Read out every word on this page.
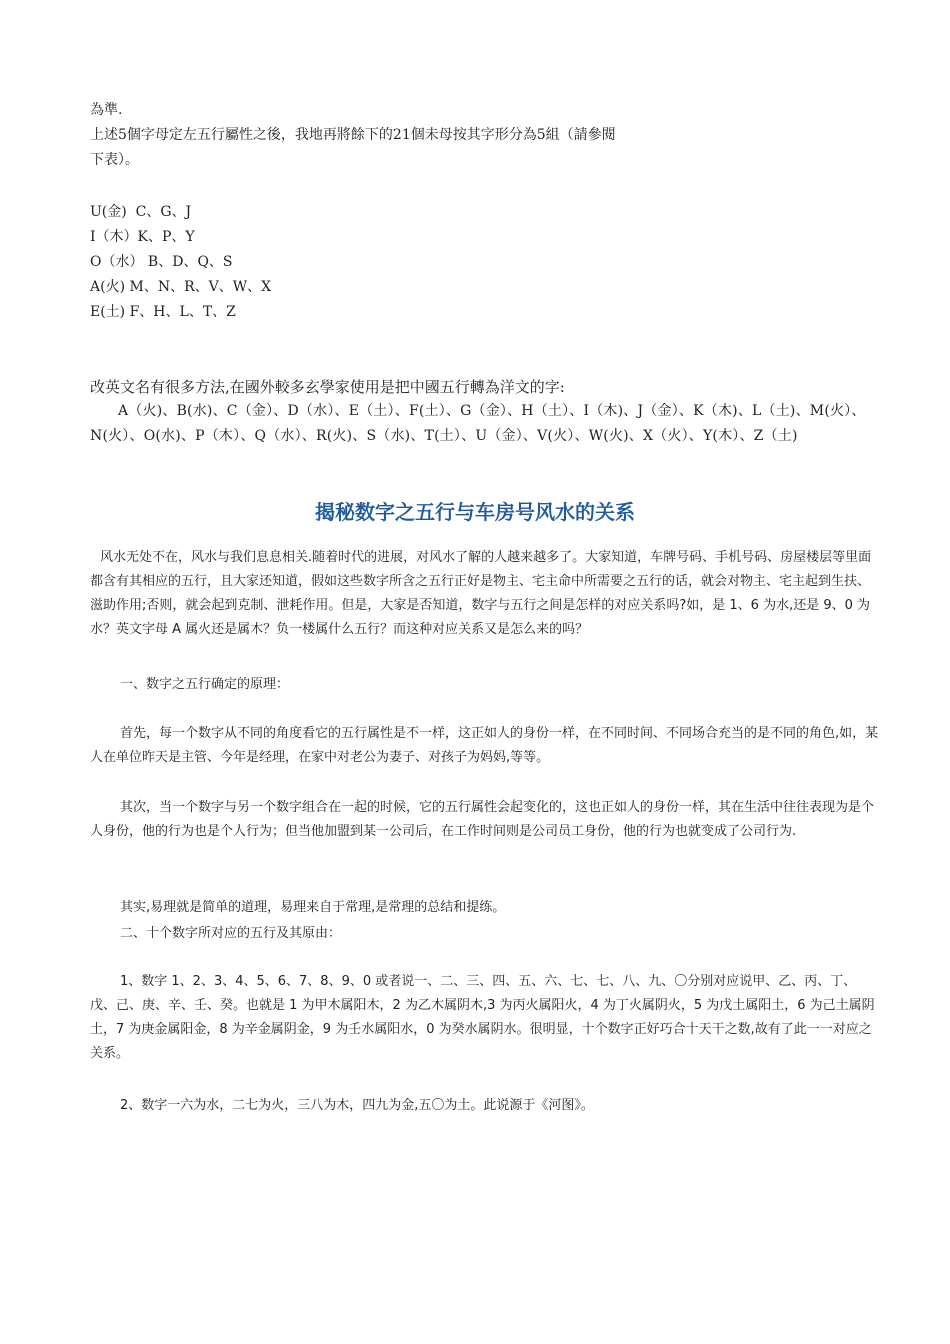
為準.

上述5個字母定左五行屬性之後，我地再將餘下的21個未母按其字形分為5組（請參閱

下表）。

U(金)  C、G、J
I（木）K、P、Y
O（水） B、D、Q、S
A(火) M、N、R、V、W、X
E(土) F、H、L、T、Z
改英文名有很多方法,在國外較多玄學家使用是把中國五行轉為洋文的字:
A（火)、B(水)、C（金）、D（水）、E（土）、F(土）、G（金）、H（土）、I（木)、J（金）、K（木)、L（土)、M(火）、N(火）、O(水)、P（木）、Q（水）、R(火)、S（水)、T(土）、U（金）、V(火）、W(火)、X（火）、Y(木）、Z（土)
揭秘数字之五行与车房号风水的关系

风水无处不在，风水与我们息息相关.随着时代的进展，对风水了解的人越来越多了。大家知道，车牌号码、手机号码、房屋楼层等里面都含有其相应的五行，且大家还知道，假如这些数字所含之五行正好是物主、宅主命中所需要之五行的话，就会对物主、宅主起到生扶、滋助作用;否则，就会起到克制、泄耗作用。但是，大家是否知道，数字与五行之间是怎样的对应关系吗?如，是 1、6 为水,还是 9、0 为水？英文字母 A 属火还是属木？负一楼属什么五行？而这种对应关系又是怎么来的吗？

一、数字之五行确定的原理：

首先，每一个数字从不同的角度看它的五行属性是不一样，这正如人的身份一样，在不同时间、不同场合充当的是不同的角色,如，某人在单位昨天是主管、今年是经理，在家中对老公为妻子、对孩子为妈妈,等等。

其次，当一个数字与另一个数字组合在一起的时候，它的五行属性会起变化的，这也正如人的身份一样，其在生活中往往表现为是个人身份，他的行为也是个人行为；但当他加盟到某一公司后，在工作时间则是公司员工身份，他的行为也就变成了公司行为.

其实,易理就是简单的道理，易理来自于常理,是常理的总结和提练。

二、十个数字所对应的五行及其原由：

1、数字 1、2、3、4、5、6、7、8、9、0 或者说一、二、三、四、五、六、七、七、八、九、〇分别对应说甲、乙、丙、丁、戊、己、庚、辛、壬、癸。也就是 1 为甲木属阳木，2 为乙木属阴木,3 为丙火属阳火，4 为丁火属阴火，5 为戊土属阳土，6 为己土属阴土，7 为庚金属阳金，8 为辛金属阴金，9 为壬水属阳水，0 为癸水属阴水。很明显，十个数字正好巧合十天干之数,故有了此一一对应之关系。

2、数字一六为水，二七为火，三八为木，四九为金,五〇为土。此说源于《河图》。
